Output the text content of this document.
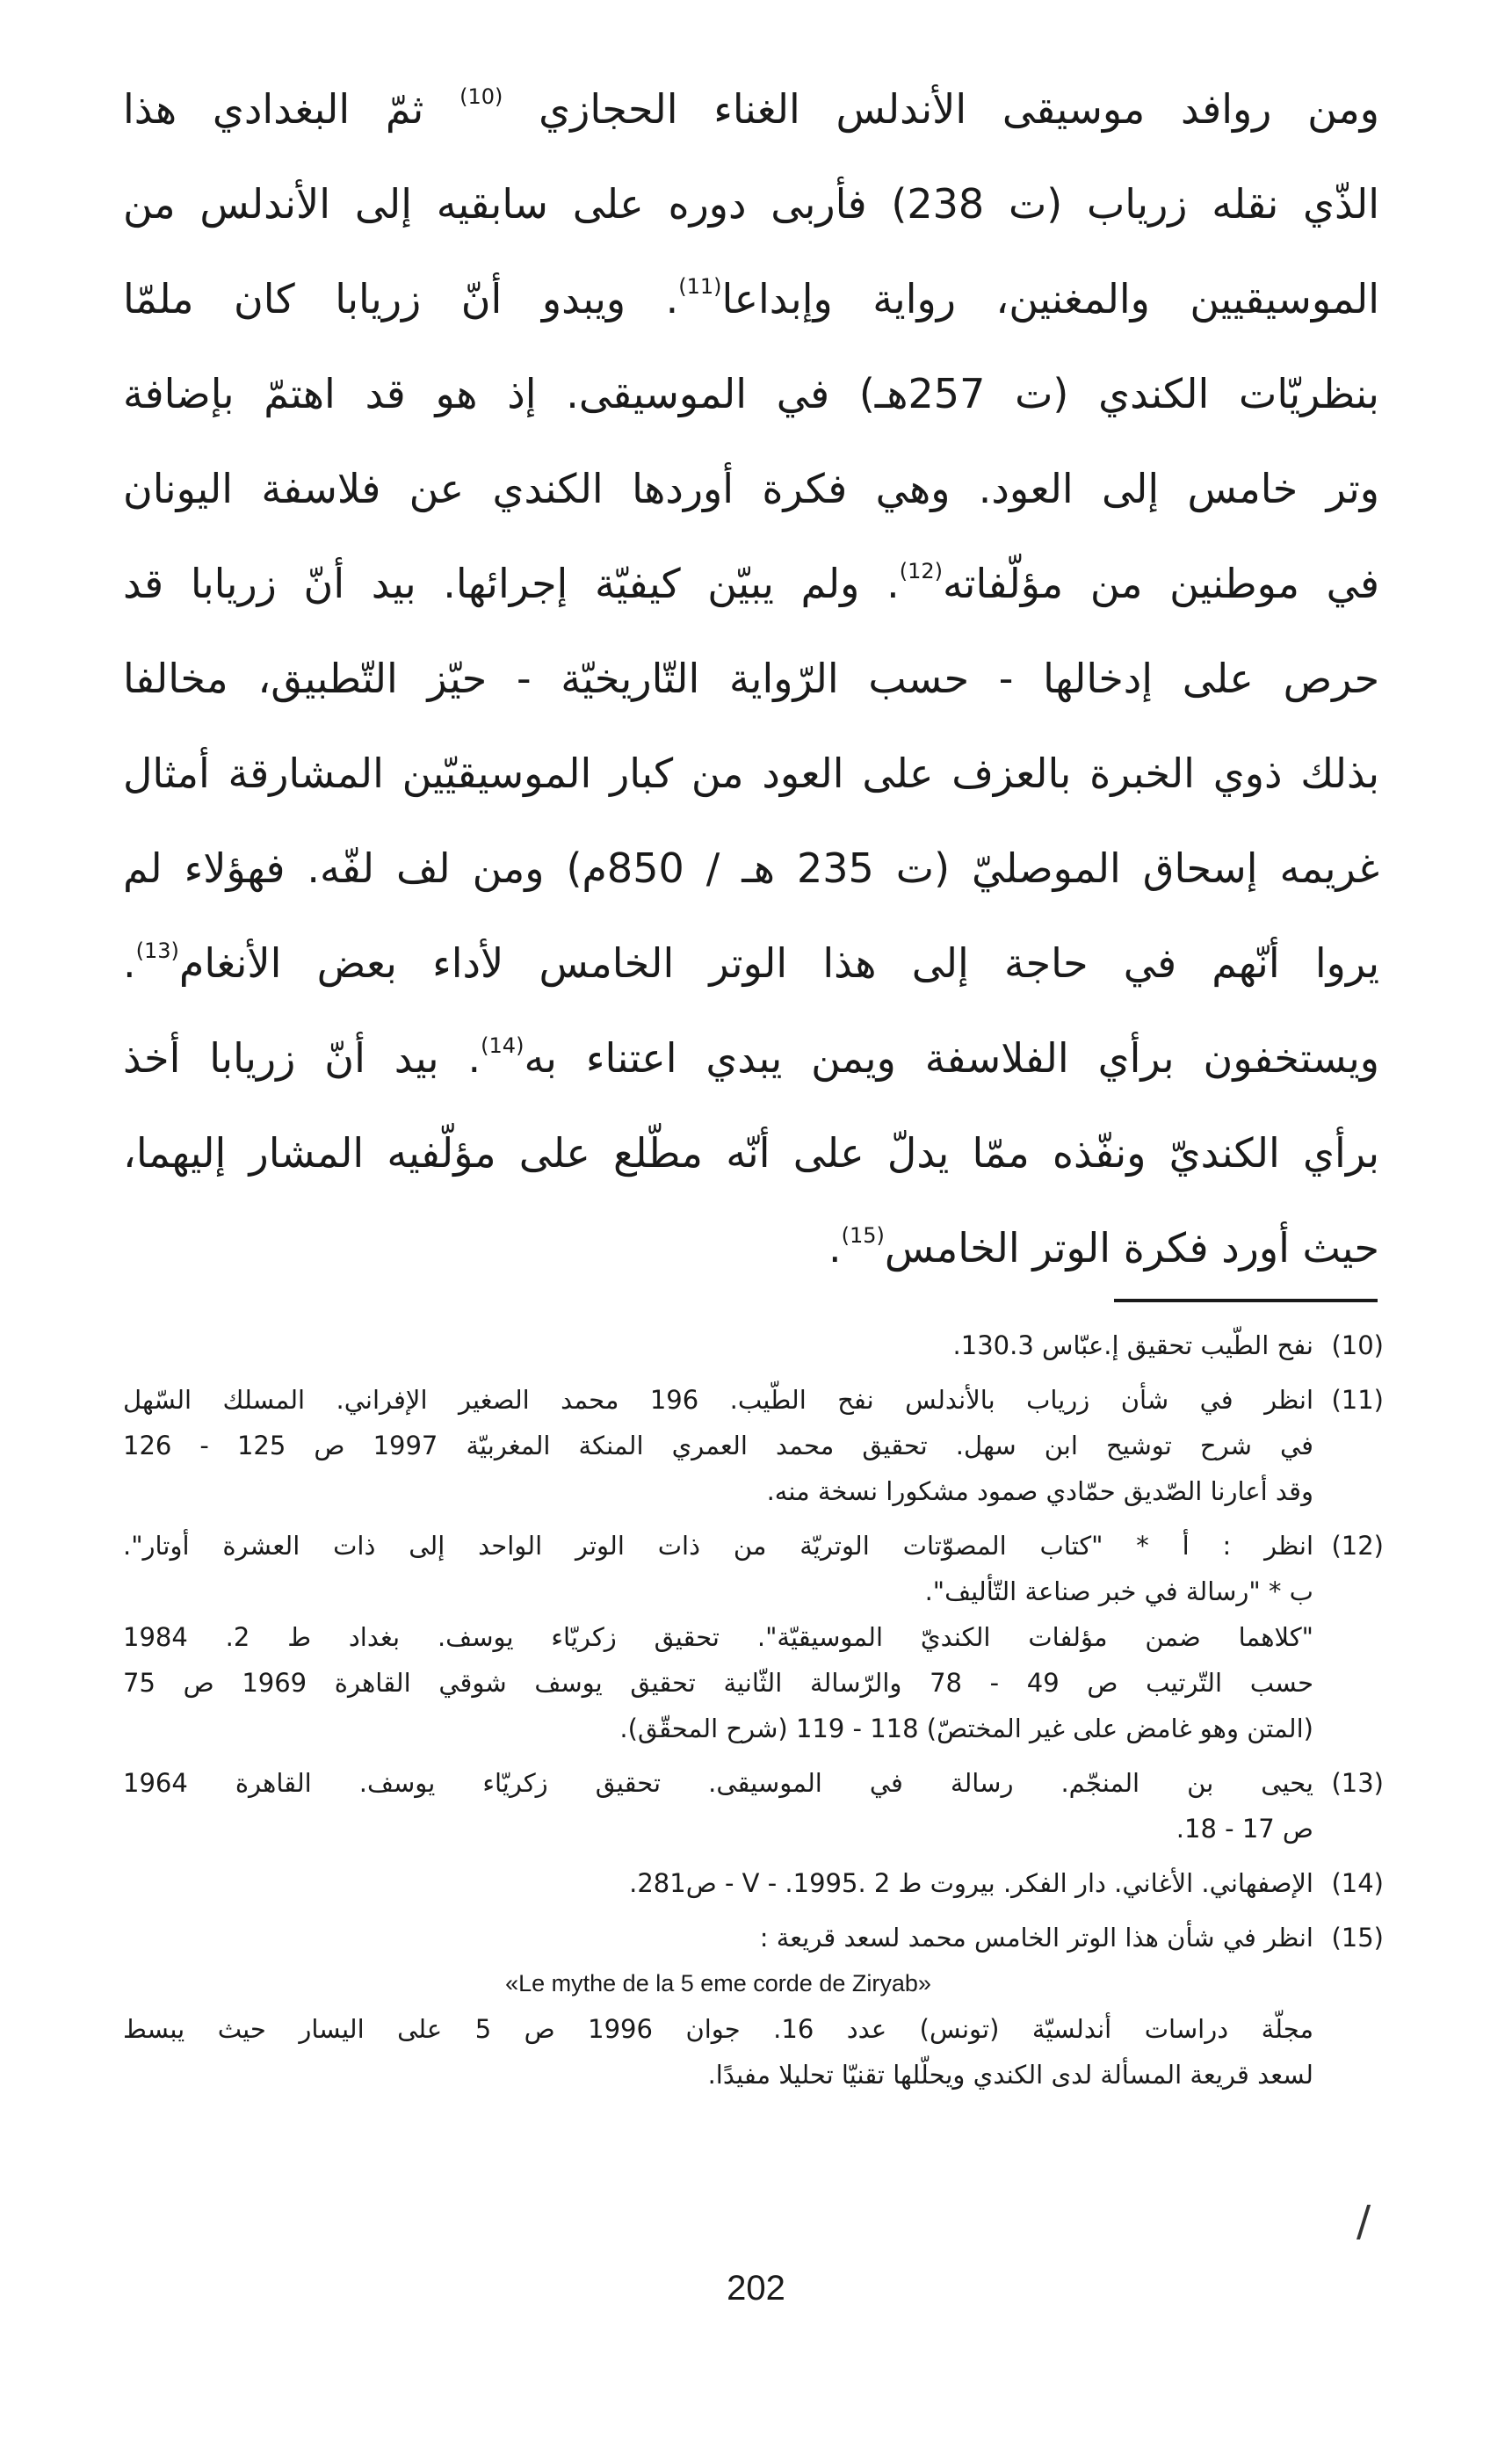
ومن روافد موسيقى الأندلس الغناء الحجازي $^{(10)}$ ثمّ البغدادي هذا
الذّي نقله زرياب (ت 238) فأربى دوره على سابقيه إلى الأندلس من
الموسيقيين والمغنين، رواية وإبداعا$^{(11)}$. ويبدو أنّ زريابا كان ملمّا
بنظريّات الكندي (ت 257هـ) في الموسيقى. إذ هو قد اهتمّ بإضافة
وتر خامس إلى العود. وهي فكرة أوردها الكندي عن فلاسفة اليونان
في موطنين من مؤلّفاته$^{(12)}$. ولم يبيّن كيفيّة إجرائها. بيد أنّ زريابا قد
حرص على إدخالها - حسب الرّواية التّاريخيّة - حيّز التّطبيق، مخالفا
بذلك ذوي الخبرة بالعزف على العود من كبار الموسيقيّين المشارقة أمثال
غريمه إسحاق الموصليّ (ت 235 هـ / 850م) ومن لف لفّه. فهؤلاء لم
يروا أنّهم في حاجة إلى هذا الوتر الخامس لأداء بعض الأنغام$^{(13)}$.
ويستخفون برأي الفلاسفة ويمن يبدي اعتناء به$^{(14)}$. بيد أنّ زريابا أخذ
برأي الكنديّ ونفّذه ممّا يدلّ على أنّه مطّلع على مؤلّفيه المشار إليهما،
حيث أورد فكرة الوتر الخامس$^{(15)}$.
(10)
نفح الطّيب تحقيق إ.عبّاس 130.3.
(11)
انظر في شأن زرياب بالأندلس نفح الطّيب. 196 محمد الصغير الإفراني. المسلك السّهل
في شرح توشيح ابن سهل. تحقيق محمد العمري المنكة المغربيّة 1997 ص 125 - 126
وقد أعارنا الصّديق حمّادي صمود مشكورا نسخة منه.
(12)
انظر : أ * "كتاب المصوّتات الوتريّة من ذات الوتر الواحد إلى ذات العشرة أوتار".
ب * "رسالة في خبر صناعة التّأليف".
"كلاهما ضمن مؤلفات الكنديّ الموسيقيّة". تحقيق زكريّاء يوسف. بغداد ط 2. 1984
حسب التّرتيب ص 49 - 78 والرّسالة الثّانية تحقيق يوسف شوقي القاهرة 1969 ص 75
(المتن وهو غامض على غير المختصّ) 118 - 119 (شرح المحقّق).
(13)
يحيى بن المنجّم. رسالة في الموسيقى. تحقيق زكريّاء يوسف. القاهرة 1964
ص 17 - 18.
(14)
الإصفهاني. الأغاني. دار الفكر. بيروت ط 2 .1995. - V - ص281.
(15)
انظر في شأن هذا الوتر الخامس محمد لسعد قريعة :
«Le mythe de la 5 eme corde de Ziryab»
مجلّة دراسات أندلسيّة (تونس) عدد 16. جوان 1996 ص 5 على اليسار حيث يبسط
لسعد قريعة المسألة لدى الكندي ويحلّلها تقنيّا تحليلا مفيدًا.
/
202
